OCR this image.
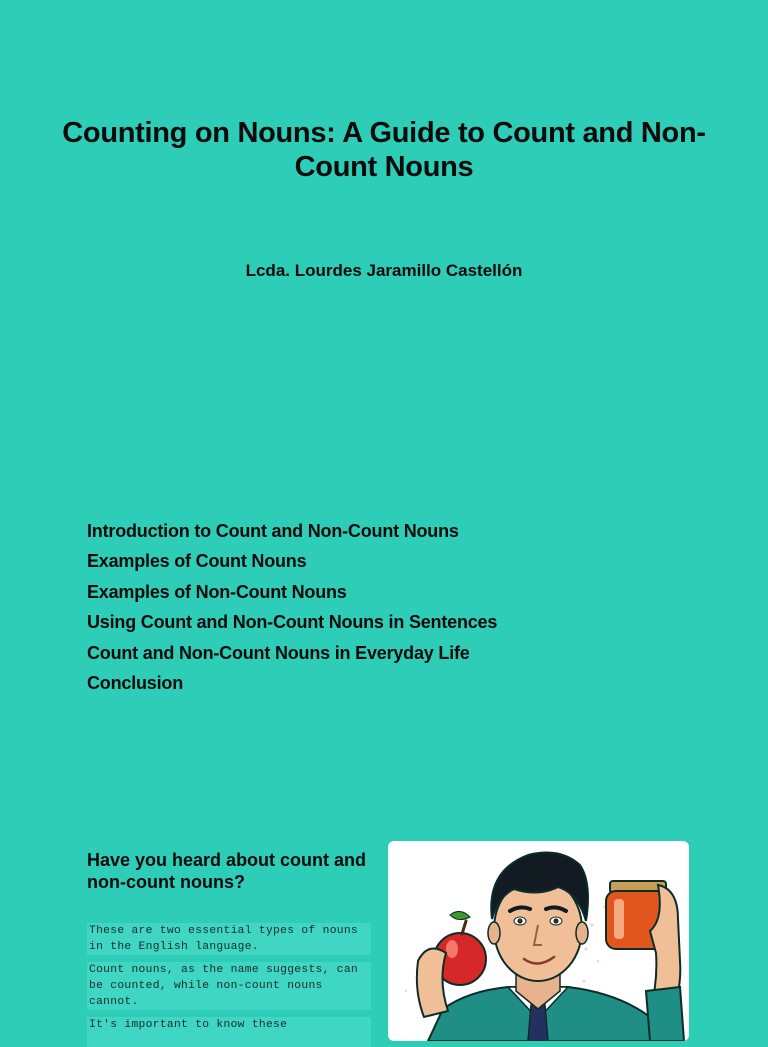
Counting on Nouns: A Guide to Count and Non-Count Nouns
Lcda. Lourdes Jaramillo Castellón
Introduction to Count and Non-Count Nouns
Examples of Count Nouns
Examples of Non-Count Nouns
Using Count and Non-Count Nouns in Sentences
Count and Non-Count Nouns in Everyday Life
Conclusion
Have you heard about count and non-count nouns?
These are two essential types of nouns in the English language.
Count nouns, as the name suggests, can be counted, while non-count nouns cannot.
It's important to know these
